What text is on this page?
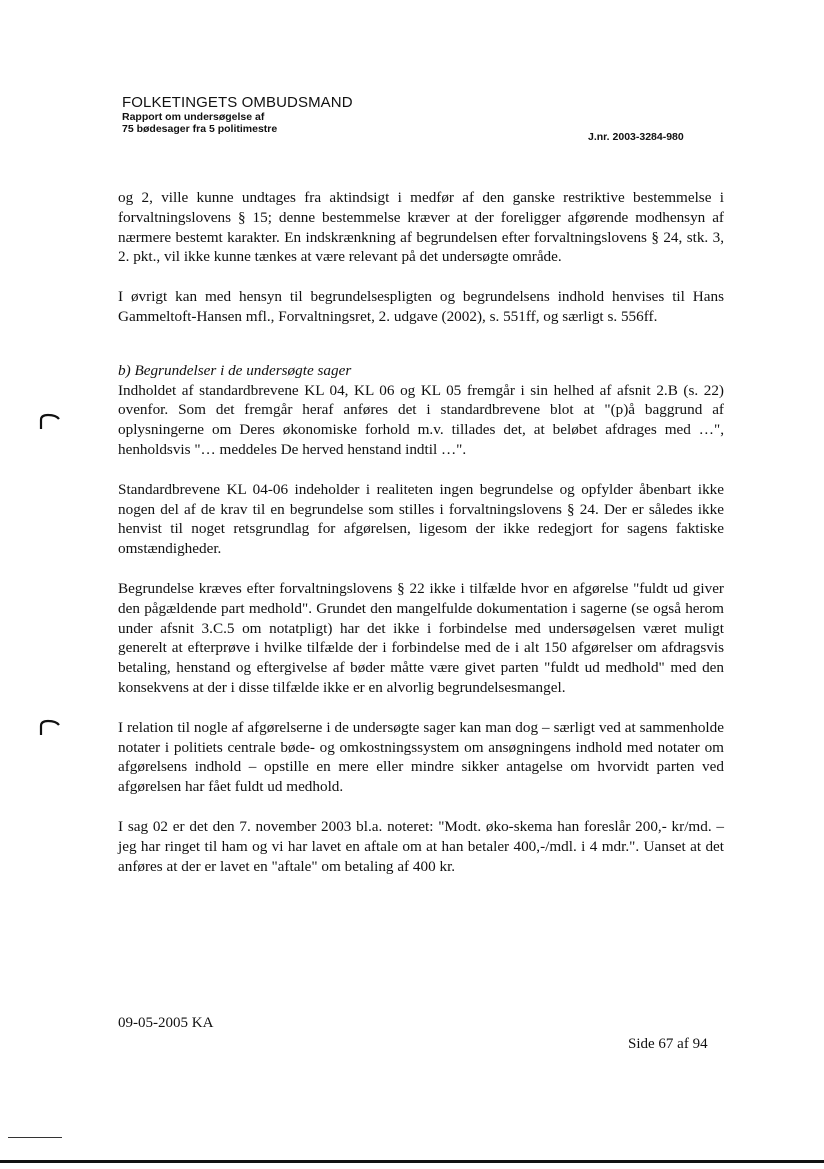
FOLKETINGETS OMBUDSMAND
Rapport om undersøgelse af
75 bødesager fra 5 politimestre
J.nr. 2003-3284-980

og 2, ville kunne undtages fra aktindsigt i medfør af den ganske restriktive bestemmelse i forvaltningslovens § 15; denne bestemmelse kræver at der foreligger afgørende modhensyn af nærmere bestemt karakter. En indskrænkning af begrundelsen efter forvaltningslovens § 24, stk. 3, 2. pkt., vil ikke kunne tænkes at være relevant på det undersøgte område.

I øvrigt kan med hensyn til begrundelsespligten og begrundelsens indhold henvises til Hans Gammeltoft-Hansen mfl., Forvaltningsret, 2. udgave (2002), s. 551ff, og særligt s. 556ff.

b) Begrundelser i de undersøgte sager

Indholdet af standardbrevene KL 04, KL 06 og KL 05 fremgår i sin helhed af afsnit 2.B (s. 22) ovenfor. Som det fremgår heraf anføres det i standardbrevene blot at "(p)å baggrund af oplysningerne om Deres økonomiske forhold m.v. tillades det, at beløbet afdrages med …", henholdsvis "… meddeles De herved henstand indtil …".

Standardbrevene KL 04-06 indeholder i realiteten ingen begrundelse og opfylder åbenbart ikke nogen del af de krav til en begrundelse som stilles i forvaltningslovens § 24. Der er således ikke henvist til noget retsgrundlag for afgørelsen, ligesom der ikke redegjort for sagens faktiske omstændigheder.

Begrundelse kræves efter forvaltningslovens § 22 ikke i tilfælde hvor en afgørelse "fuldt ud giver den pågældende part medhold". Grundet den mangelfulde dokumentation i sagerne (se også herom under afsnit 3.C.5 om notatpligt) har det ikke i forbindelse med undersøgelsen været muligt generelt at efterprøve i hvilke tilfælde der i forbindelse med de i alt 150 afgørelser om afdragsvis betaling, henstand og eftergivelse af bøder måtte være givet parten "fuldt ud medhold" med den konsekvens at der i disse tilfælde ikke er en alvorlig begrundelsesmangel.

I relation til nogle af afgørelserne i de undersøgte sager kan man dog – særligt ved at sammenholde notater i politiets centrale bøde- og omkostningssystem om ansøgningens indhold med notater om afgørelsens indhold – opstille en mere eller mindre sikker antagelse om hvorvidt parten ved afgørelsen har fået fuldt ud medhold.

I sag 02 er det den 7. november 2003 bl.a. noteret: "Modt. øko-skema han foreslår 200,- kr/md. – jeg har ringet til ham og vi har lavet en aftale om at han betaler 400,-/mdl. i 4 mdr.". Uanset at det anføres at der er lavet en "aftale" om betaling af 400 kr.

09-05-2005 KA
Side 67 af 94
